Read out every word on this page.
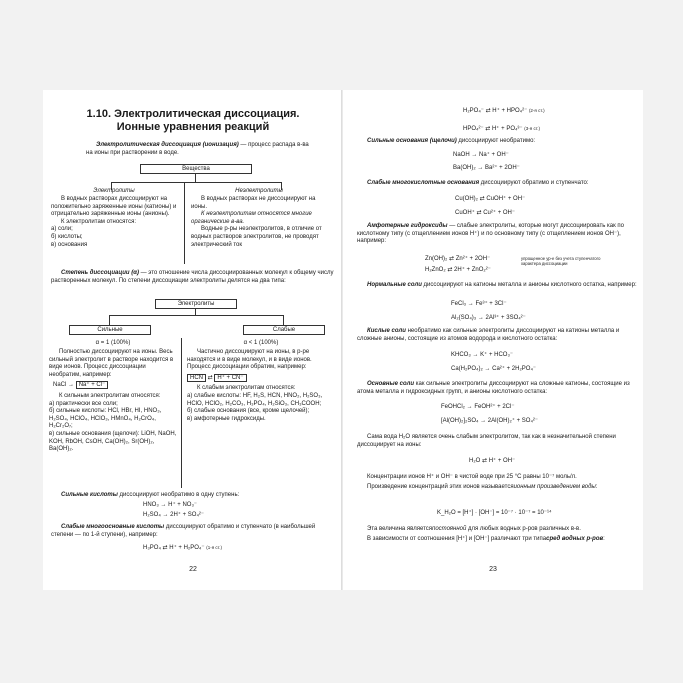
1.10. Электролитическая диссоциация.
Ионные уравнения реакций
Электролитическая диссоциация (ионизация) — процесс распада в-ва на ионы при растворении в воде.
Вещества
Электролиты
В водных растворах диссоциируют на положительно заряженные ионы (катионы) и отрицательно заряженные ионы (анионы).
К электролитам относятся:
а) соли;
б) кислоты;
в) основания
Неэлектролиты
В водных растворах не диссоциируют на ионы.
К неэлектролитам относятся многие органические в-ва.
Водные р-ры неэлектролитов, в отличие от водных растворов электролитов, не проводят электрический ток
Степень диссоциации (α) — это отношение числа диссоциированных молекул к общему числу растворенных молекул. По степени диссоциации электролиты делятся на два типа:
Электролиты
Сильные	Слабые
α = 1 (100%)
Полностью диссоциируют на ионы. Весь сильный электролит в растворе находится в виде ионов. Процесс диссоциации необратим, например:
NaCl → Na⁺ + Cl⁻
К сильным электролитам относятся:
а) практически все соли;
б) сильные кислоты: HCl, HBr, HI, HNO₃, H₂SO₄, HClO₄, HClO₃, HMnO₄, H₂CrO₄, H₂Cr₂O₇;
в) сильные основания (щелочи): LiOH, NaOH, KOH, RbOH, CsOH, Ca(OH)₂, Sr(OH)₂, Ba(OH)₂.
α < 1 (100%)
Частично диссоциируют на ионы, в р-ре находятся и в виде молекул, и в виде ионов. Процесс диссоциации обратим, например:
HCN ⇄ H⁺ + CN⁻
К слабым электролитам относятся:
а) слабые кислоты: HF, H₂S, HCN, HNO₂, H₂SO₃, HClO, HClO₂, H₂CO₃, H₃PO₄, H₂SiO₃, CH₃COOH;
б) слабые основания (все, кроме щелочей);
в) амфотерные гидроксиды.
Сильные кислоты диссоциируют необратимо в одну ступень:
HNO₃ → H⁺ + NO₃⁻
H₂SO₄ → 2H⁺ + SO₄²⁻
Слабые многоосновные кислоты диссоциируют обратимо и ступенчато (в наибольшей степени — по 1-й ступени), например:
H₃PO₄ ⇄ H⁺ + H₂PO₄⁻ (1-я ст.)
22
H₂PO₄⁻ ⇄ H⁺ + HPO₄²⁻ (2-я ст.)
HPO₄²⁻ ⇄ H⁺ + PO₄³⁻ (3-я ст.)
Сильные основания (щелочи) диссоциируют необратимо:
NaOH → Na⁺ + OH⁻
Ba(OH)₂ → Ba²⁺ + 2OH⁻
Слабые многокислотные основания диссоциируют обратимо и ступенчато:
Cu(OH)₂ ⇄ CuOH⁺ + OH⁻
CuOH⁺ ⇄ Cu²⁺ + OH⁻
Амфотерные гидроксиды — слабые электролиты, которые могут диссоциировать как по кислотному типу (с отщеплением ионов H⁺) и по основному типу (с отщеплением ионов OH⁻), например:
Zn(OH)₂ ⇄ Zn²⁺ + 2OH⁻
H₂ZnO₂ ⇄ 2H⁺ + ZnO₂²⁻
упрощенное ур-е без учета ступенчатого характера диссоциации
Нормальные соли диссоциируют на катионы металла и анионы кислотного остатка, например:
FeCl₃ → Fe³⁺ + 3Cl⁻
Al₂(SO₄)₃ → 2Al³⁺ + 3SO₄²⁻
Кислые соли необратимо как сильные электролиты диссоциируют на катионы металла и сложные анионы, состоящие из атомов водорода и кислотного остатка:
KHCO₃ → K⁺ + HCO₃⁻
Ca(H₂PO₄)₂ → Ca²⁺ + 2H₂PO₄⁻
Основные соли как сильные электролиты диссоциируют на сложные катионы, состоящие из атома металла и гидроксидных групп, и анионы кислотного остатка:
FeOHCl₂ → FeOH²⁺ + 2Cl⁻
[Al(OH)₂]₂SO₄ → 2Al(OH)₂⁺ + SO₄²⁻
Сама вода H₂O является очень слабым электролитом, так как в незначительной степени диссоциирует на ионы:
H₂O ⇄ H⁺ + OH⁻
Концентрации ионов H⁺ и OH⁻ в чистой воде при 25 °С равны 10⁻⁷ моль/л.
Произведение концентраций этих ионов называетсяионным произведением воды:
K_H₂O = [H⁺] · [OH⁻] = 10⁻⁷ · 10⁻⁷ = 10⁻¹⁴
Эта величина являетсяпостоянной для любых водных р-ров различных в-в.
В зависимости от соотношения [H⁺] и [OH⁻] различают три типасред водных р-ров:
23
